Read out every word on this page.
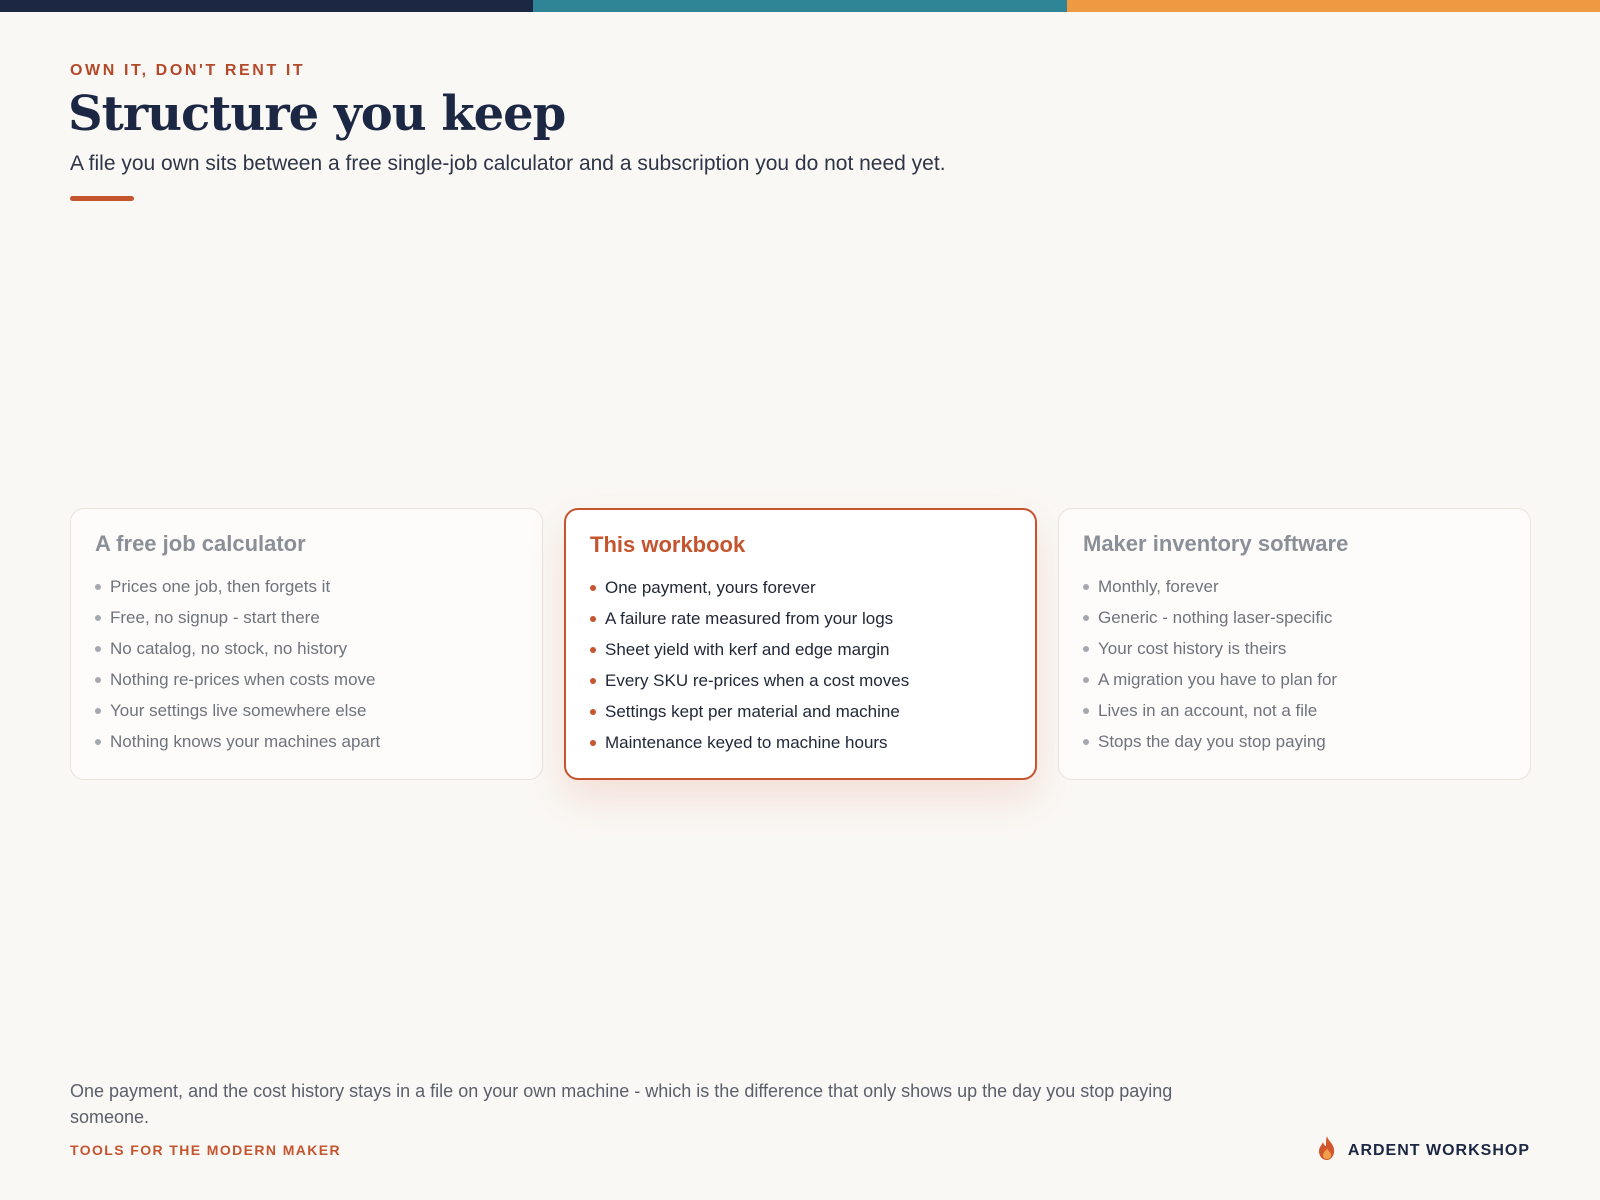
OWN IT, DON'T RENT IT
Structure you keep

A file you own sits between a free single-job calculator and a subscription you do not need yet.

A free job calculator
Prices one job, then forgets it
Free, no signup - start there
No catalog, no stock, no history
Nothing re-prices when costs move
Your settings live somewhere else
Nothing knows your machines apart
This workbook
One payment, yours forever
A failure rate measured from your logs
Sheet yield with kerf and edge margin
Every SKU re-prices when a cost moves
Settings kept per material and machine
Maintenance keyed to machine hours
Maker inventory software
Monthly, forever
Generic - nothing laser-specific
Your cost history is theirs
A migration you have to plan for
Lives in an account, not a file
Stops the day you stop paying

One payment, and the cost history stays in a file on your own machine - which is the difference that only shows up the day you stop paying someone.

TOOLS FOR THE MODERN MAKER	ARDENT WORKSHOP
